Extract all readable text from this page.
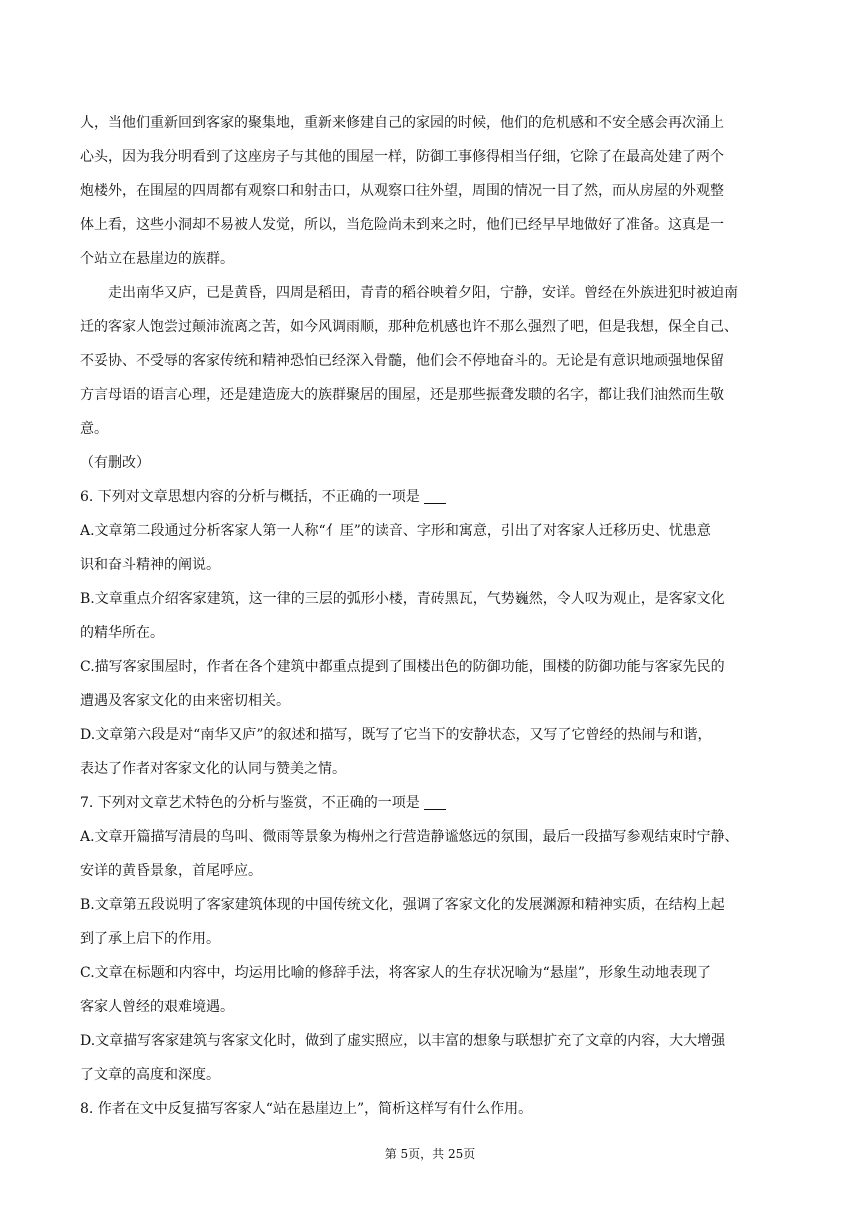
人，当他们重新回到客家的聚集地，重新来修建自己的家园的时候，他们的危机感和不安全感会再次涌上
心头，因为我分明看到了这座房子与其他的围屋一样，防御工事修得相当仔细，它除了在最高处建了两个
炮楼外，在围屋的四周都有观察口和射击口，从观察口往外望，周围的情况一目了然，而从房屋的外观整
体上看，这些小洞却不易被人发觉，所以，当危险尚未到来之时，他们已经早早地做好了准备。这真是一
个站立在悬崖边的族群。
走出南华又庐，已是黄昏，四周是稻田，青青的稻谷映着夕阳，宁静，安详。曾经在外族进犯时被迫南
迁的客家人饱尝过颠沛流离之苦，如今风调雨顺，那种危机感也许不那么强烈了吧，但是我想，保全自己、
不妥协、不受辱的客家传统和精神恐怕已经深入骨髓，他们会不停地奋斗的。无论是有意识地顽强地保留
方言母语的语言心理，还是建造庞大的族群聚居的围屋，还是那些振聋发聩的名字，都让我们油然而生敬
意。
（有删改）
6. 下列对文章思想内容的分析与概括，不正确的一项是
A.文章第二段通过分析客家人第一人称“亻厓”的读音、字形和寓意，引出了对客家人迁移历史、忧患意
识和奋斗精神的阐说。
B.文章重点介绍客家建筑，这一律的三层的弧形小楼，青砖黑瓦，气势巍然，令人叹为观止，是客家文化
的精华所在。
C.描写客家围屋时，作者在各个建筑中都重点提到了围楼出色的防御功能，围楼的防御功能与客家先民的
遭遇及客家文化的由来密切相关。
D.文章第六段是对“南华又庐”的叙述和描写，既写了它当下的安静状态，又写了它曾经的热闹与和谐，
表达了作者对客家文化的认同与赞美之情。
7. 下列对文章艺术特色的分析与鉴赏，不正确的一项是
A.文章开篇描写清晨的鸟叫、微雨等景象为梅州之行营造静谧悠远的氛围，最后一段描写参观结束时宁静、
安详的黄昏景象，首尾呼应。
B.文章第五段说明了客家建筑体现的中国传统文化，强调了客家文化的发展渊源和精神实质，在结构上起
到了承上启下的作用。
C.文章在标题和内容中，均运用比喻的修辞手法，将客家人的生存状况喻为“悬崖”，形象生动地表现了
客家人曾经的艰难境遇。
D.文章描写客家建筑与客家文化时，做到了虚实照应，以丰富的想象与联想扩充了文章的内容，大大增强
了文章的高度和深度。
8. 作者在文中反复描写客家人“站在悬崖边上”，简析这样写有什么作用。
第 5页，共 25页
